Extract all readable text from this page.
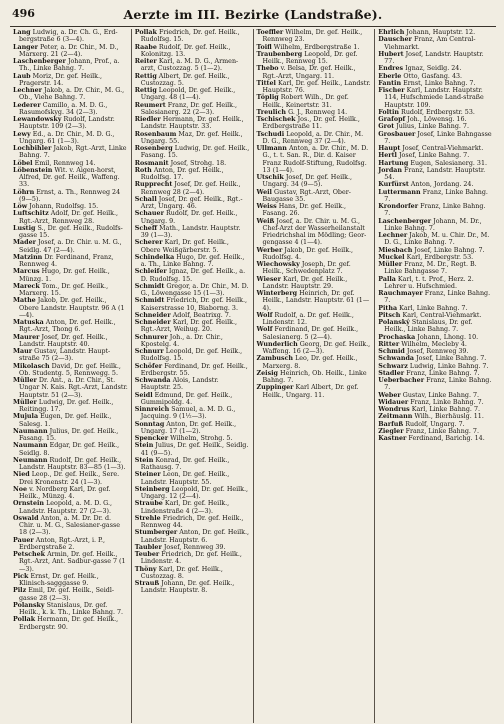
496	Aerzte im III. Bezirke (Landstraße).

Lang Ludwig, a. Dr. Ch. G., Erd-bergstraße 6 (3—4).

Langer Peter, a. Dr. Chir., M. D., Marxerg. 21 (2—4).

Laschenberger Johann, Prof., a. Th., Linke Bahng. 7.

Laub Moriz, Dr. gef. Heilk., Pragerstr. 14.

Lechner Jakob, a. Dr. Chir., M. G., Ob., Viehe Bahng. 7.

Lederer Camillo, a. M. D. G., Rasumofskyg. 34 (2—3).

Lewandowsky Rudolf, Landstr. Hauptstr. 109 (2—3).

Lewy Ed., a. Dr. Chir., M. D. G., Ungarg. 61 (1—3).

Lochbihler Jakob, Rgt.-Arzt, Linke Bahng. 7.

Löbel Emil, Rennweg 14.

Löbenstein Wit. v. Aigen-horst, Alfred, Dr. gef. Heilk., Waffeng. 33.

Löhrn Ernst, a. Th., Rennweg 24 (9—5).

Löw Johann, Rudolfsg. 15.

Luftschitz Adolf, Dr. gef. Heilk., Rgt.-Arzt, Rennweg 28.

Lustig S., Dr. gef. Heilk., Rudolfs-gasse 15.

Mader Josef, a. Dr. Chir. u. M. G., Seidlg. 47 (2—4).

Matzinn Dr. Ferdinand, Franz, Rennweg 4.

Marcus Hugo, Dr. gef. Heilk., Münzg. 1.

Mareck Tom., Dr. gef. Heilk., Marxerg. 15.

Mathe Jakob, Dr. gef. Heilk., Obere Landstr. Hauptstr. 96 A (1—4).

Matuska Anton, Dr. gef. Heilk., Rgt.-Arzt, Thong 6.

Maurer Josef, Dr. gef. Heilk., Landstr. Hauptstr. 40.

Maur Gustav, Landstr. Haupt-straße 75 (2—3).

Mikolasch David, Dr. gef. Heilk., Ob. Studentg. 5, Rennwegg. 5.

Müller Dr. Ant., a. Dr. Chir., St. Ungar N. Kais. Rgt.-Arzt, Landstr. Hauptstr. 51 (2—3).

Müller Ludwig, Dr. gef. Heilk., Reitingg. 17.

Mujula Eugen, Dr. gef. Heilk., Salesg. 1.

Naumann Julius, Dr. gef. Heilk., Fasang. 15.

Naumann Edgar, Dr. gef. Heilk., Seidlg. 8.

Neumann Rudolf, Dr. gef. Heilk., Landstr. Hauptstr. 83—85 (1—3).

Nied Leop., Dr. gef. Heilk., Sere. Drei Kronenstr. 24 (1—3).

Noe v. Nordberg Karl, Dr. gef. Heilk., Münzg. 4.

Ornstein Leopold, a. M. D. G., Landstr. Hauptstr. 27 (2—3).

Oswald Anton, a. M. Dr. Dr. d. Chir. u. M. G., Salesianer-gasse 18 (2—3).

Pauer Anton, Rgt.-Arzt, i. P., Erdbergstraße 2.

Petschek Armin, Dr. gef. Heilk., Rgt.-Arzt, Ant. Sadbur-gasse 7 (1—3).

Pick Ernst, Dr. gef. Heilk., Klinisch-sagggasse 9.

Pilz Emil, Dr. gef. Heilk., Seidl-gasse 28 (2—3).

Polansky Stanislaus, Dr. gef. Heilk., k. k. Th., Linke Bahng. 7.

Pollak Hermann, Dr. gef. Heilk., Erdbergstr. 90.

Pollak Friedrich, Dr. gef. Heilk., Rudolfsg. 15.

Raabe Rudolf, Dr. gef. Heilk., Kolonitzg. 13.

Reiter Karl, a. M. D. G., Armen-arzt, Custozzag. 5 (1—2).

Rettig Albert, Dr. gef. Heilk., Custozzag. 5.

Rettig Leopold, Dr. gef. Heilk., Ungarg. 48 (1—4).

Reumert Franz, Dr. gef. Heilk., Salesianerg. 22 (2—3).

Riedler Hermann, Dr. gef. Heilk., Landstr. Hauptstr. 33.

Rosenbaum Maz, Dr. gef. Heilk., Ungarg. 55.

Rosenberg Ludwig, Dr. gef. Heilk., Fasang. 15.

Rosmanit Josef, Strohg. 18.

Roth Anton, Dr. gef. Heilk., Rudolfsg. 17.

Rupprecht Josef, Dr. gef. Heilk., Rennweg 28 (2—4).

Schall Josef, Dr. gef. Heilk., Rgt.-Arzt, Ungarg. 46.

Schauer Rudolf, Dr. gef. Heilk., Ungarg. 9.

Scheff Math., Landstr. Hauptstr. 39 (1—3).

Scherer Karl, Dr. gef. Heilk., Obere Weißgärberstr. 5.

Schindelka Hugo, Dr. gef. Heilk., a. Th., Linke Bahng. 7.

Schleifer Ignaz, Dr. gef. Heilk., a. D. Rudolfsg. 15.

Schmidt Gregor, a. Dr. Chir., M. D. G., Löwengasse 15 (1—3).

Schmidt Friedrich, Dr. gef. Heilk., Kaiserstrasse 10, Biaborng. 3.

Schneider Adolf, Beatrixg. 7.

Schneider Karl, Dr. gef. Heilk., Rgt.-Arzt, Weihug. 20.

Schnurer Joh., a. Dr. Chir., Kpostelg. 4.

Schnurr Leopold, Dr. gef. Heilk., Rudolfsg. 15.

Schöfer Ferdinand, Dr. gef. Heilk., Erdbergstr. 55.

Schwanda Alois, Landstr. Hauptstr. 25.

Seidl Edmund, Dr. gef. Heilk., Gummipoldg. 4.

Sinnreich Samuel, a. M. D. G., Jacquing. 9 (1½—3).

Sonntag Anton, Dr. gef. Heilk., Ungarg. 17 (1—2).

Spencker Wilhelm, Strohg. 5.

Stein Julius, Dr. gef. Heilk., Seidlg. 41 (9—5).

Stein Konrad, Dr. gef. Heilk., Rathausg. 7.

Steiner Leon, Dr. gef. Heilk., Landstr. Hauptstr. 55.

Steinberg Leopold, Dr. gef. Heilk., Ungarg. 12 (2—4).

Straube Karl, Dr. gef. Heilk., Lindenstraße 4 (2—3).

Strehle Friedrich, Dr. gef. Heilk., Rennweg 44.

Stumberger Anton, Dr. gef. Heilk., Landstr. Hauptstr. 6.

Taubler Josef, Rennweg 39.

Teuber Friedrich, Dr. gef. Heilk., Lindenstr. 4.

Thöny Karl, Dr. gef. Heilk., Custozzag. 8.

Strauß Johann, Dr. gef. Heilk., Landstr. Hauptstr. 8.

Toeffler Wilhelm, Dr. gef. Heilk., Rennweg 23.

Toifl Wilhelm, Erdbergstraße 1.

Traubenberg Leopold, Dr. gef. Heilk., Rennweg 15.

Thebo v. Belsa, Dr. gef. Heilk., Rgt.-Arzt, Ungarg. 11.

Tittel Karl, Dr. gef. Heilk., Landstr. Hauptstr. 76.

Töplig Robert Wilh., Dr. gef. Heilk., Keinertstr. 31.

Treulich G. J., Rennweg 14.

Tschischek Jos., Dr. gef. Heilk., Erdbergstraße 11.

Tschudi Leopold, a. Dr. Chir., M. D. G., Rennweg 37 (2—4).

Ullmann Anton, a. Dr. Chir., M. D. G., t. t. San. R., Dir. d. Kaiser Franz Rudolf-Stiftung, Rudolfsg. 13 (1—4).

Utschik Josef, Dr. gef. Heilk., Ungarg. 34 (9—5).

Weil Gustav, Rgt.-Arzt, Ober-Baugasse 35.

Weiss Hans, Dr. gef. Heilk., Fasang. 26.

Weiß Josef, a. Dr. Chir. u. M. G., Chef-Arzt der Wasserheilanstalt Friedrichshal im Mödling; Geor-gengasse 4 (1—4).

Werber Jakob, Dr. gef. Heilk., Rudolfsg. 4.

Wiechowsky Joseph, Dr. gef. Heilk., Schwedenplatz 7.

Wieser Karl, Dr. gef. Heilk., Landstr. Hauptstr. 29.

Winterberg Heinrich, Dr. gef. Heilk., Landstr. Hauptstr. 61 (1—4).

Wolf Rudolf, a. Dr. gef. Heilk., Lindenstr. 12.

Wolf Ferdinand, Dr. gef. Heilk., Salesianerg. 5 (2—4).

Wunderlich Georg, Dr. gef. Heilk., Waffeng. 16 (2—3).

Zambusch Leo, Dr. gef. Heilk., Marxerg. 8.

Zeisig Heinrich, Ob. Heilk., Linke Bahng. 7.

Zuppinger Karl Albert, Dr. gef. Heilk., Ungarg. 11.

Ehrlich Johann, Hauptstr. 12.

Dauscher Franz, Am Central-Viehmarkt.

Hubert Josef, Landstr. Hauptstr. 77.

Endres Ignaz, Seidlg. 24.

Eberle Otto, Gasfang. 43.

Fantin Ernst, Linke Bahng. 7.

Fischer Karl, Landstr. Hauptstr. 114, Hufschmiede Land-straße Hauptstr. 109.

Foltin Rudolf, Erdbergstr. 53.

Grafopf Joh., Löwensg. 16.

Grot Julius, Linke Bahng. 7.

Grosbauer Josef, Linke Bahngasse 7.

Haupt Josef, Central-Viehmarkt.

Hertl Josef, Linke Bahng. 7.

Hartung Eugen, Salesianerg. 31.

Jordan Franz, Landstr. Hauptstr. 54.

Kurfürst Anton, Jordang. 24.

Luttermann Franz, Linke Bahng. 7.

Krondorfer Franz, Linke Bahng. 7.

Laschenberger Johann, M. Dr., Linke Bahng. 7.

Lechner Jakob, M. u. Chir. Dr., M. D. G., Linke Bahng. 7.

Miesbach Josef, Linke Bahng. 7.

Muckel Karl, Erdbergstr. 53.

Müller Franz, M. Dr., Regt. B. Linke Bahngasse 7.

Palla Karl, t. t. Prof., Herz. 2. Lehrer u. Hufschmied.

Rauchmayer Franz, Linke Bahng. 7.

Pitha Karl, Linke Bahng. 7.

Pitsch Karl, Central-Viehmarkt.

Polanský Stanislaus, Dr. gef. Heilk., Linke Bahng. 7.

Prochaska Johann, Lhong. 10.

Ritter Wilhelm, Mecleby 4.

Schmid Josef, Rennweg 39.

Schwanda Josef, Linke Bahng. 7.

Schwarz Ludwig, Linke Bahng. 7.

Stadler Franz, Linke Bahng. 7.

Ueberbacher Franz, Linke Bahng. 7.

Weber Gustav, Linke Bahng. 7.

Widauer Franz, Linke Bahng. 7.

Wondrus Karl, Linke Bahng. 7.

Zeitmann Wilh., Bierhäuslg. 11.

Barfuß Rudolf, Ungarg. 7.

Ziegler Franz, Linke Bahng. 7.

Kastner Ferdinand, Barichg. 14.
